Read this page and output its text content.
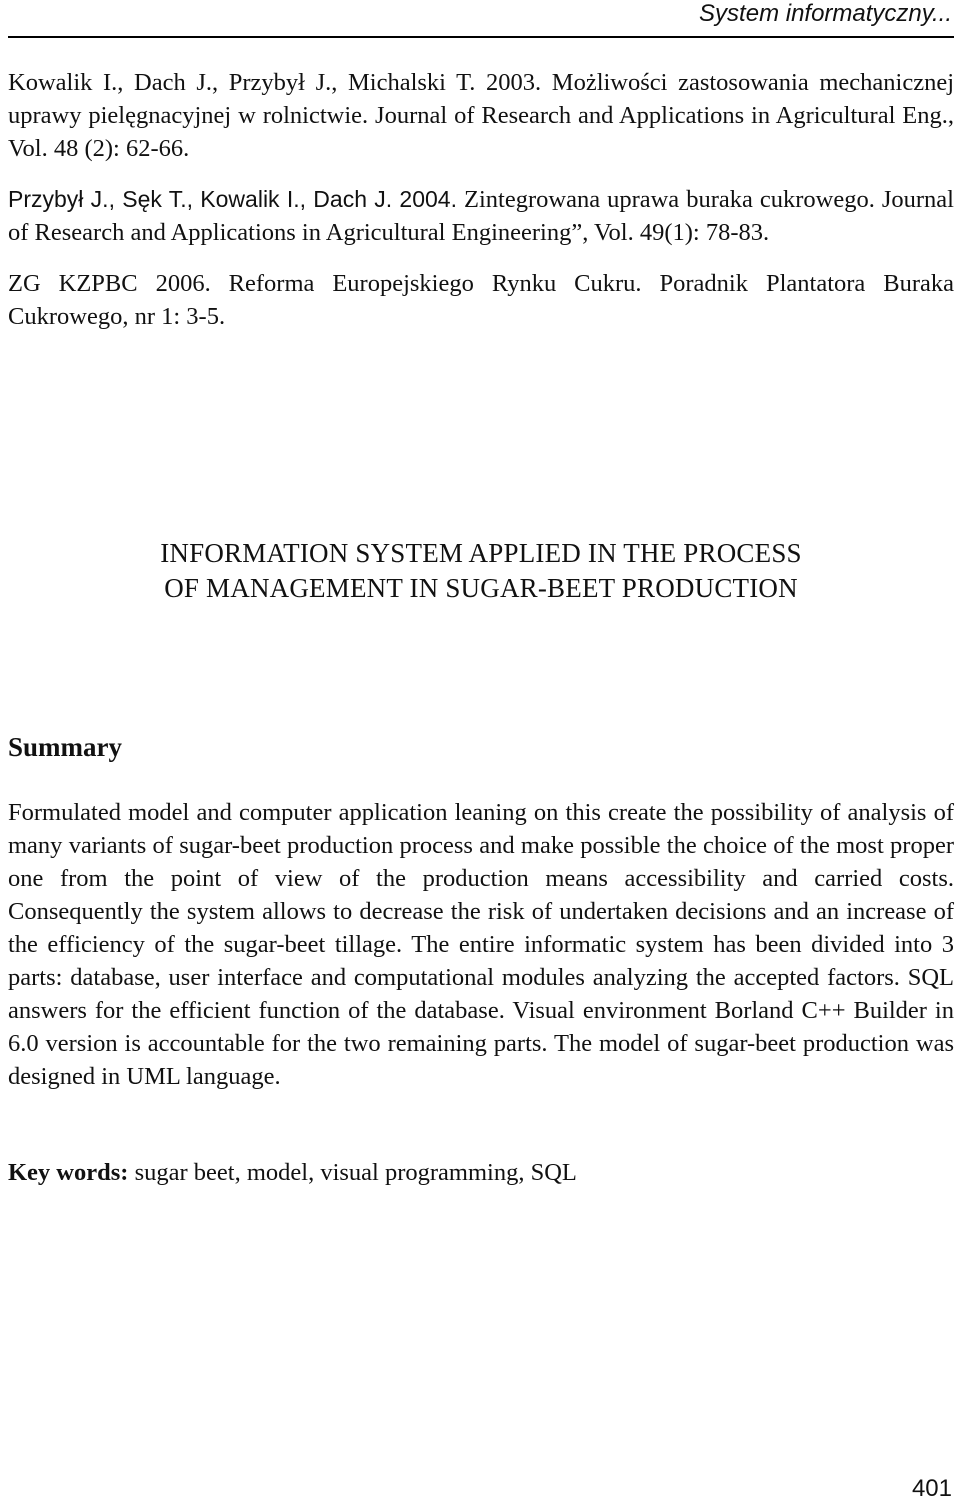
System informatyczny...

Kowalik I., Dach J., Przybył J., Michalski T. 2003. Możliwości zastosowania mechanicznej uprawy pielęgnacyjnej w rolnictwie. Journal of Research and Applications in Agricultural Eng., Vol. 48 (2): 62-66.

Przybył J., Sęk T., Kowalik I., Dach J. 2004. Zintegrowana uprawa buraka cukrowego. Journal of Research and Applications in Agricultural Engineering”, Vol. 49(1): 78-83.

ZG KZPBC 2006. Reforma Europejskiego Rynku Cukru. Poradnik Plantatora Buraka Cukrowego, nr 1: 3-5.

INFORMATION SYSTEM APPLIED IN THE PROCESS
OF MANAGEMENT IN SUGAR-BEET PRODUCTION
Summary

Formulated model and computer application leaning on this create the possibility of analysis of many variants of sugar-beet production process and make possible the choice of the most proper one from the point of view of the production means accessibility and carried costs. Consequently the system allows to decrease the risk of undertaken decisions and an increase of the efficiency of the sugar-beet tillage. The entire informatic system has been divided into 3 parts: database, user interface and computational modules analyzing the accepted factors. SQL answers for the efficient function of the database. Visual environment Borland C++ Builder in 6.0 version is accountable for the two remaining parts. The model of sugar-beet production was designed in UML language.

Key words: sugar beet, model, visual programming, SQL

401
